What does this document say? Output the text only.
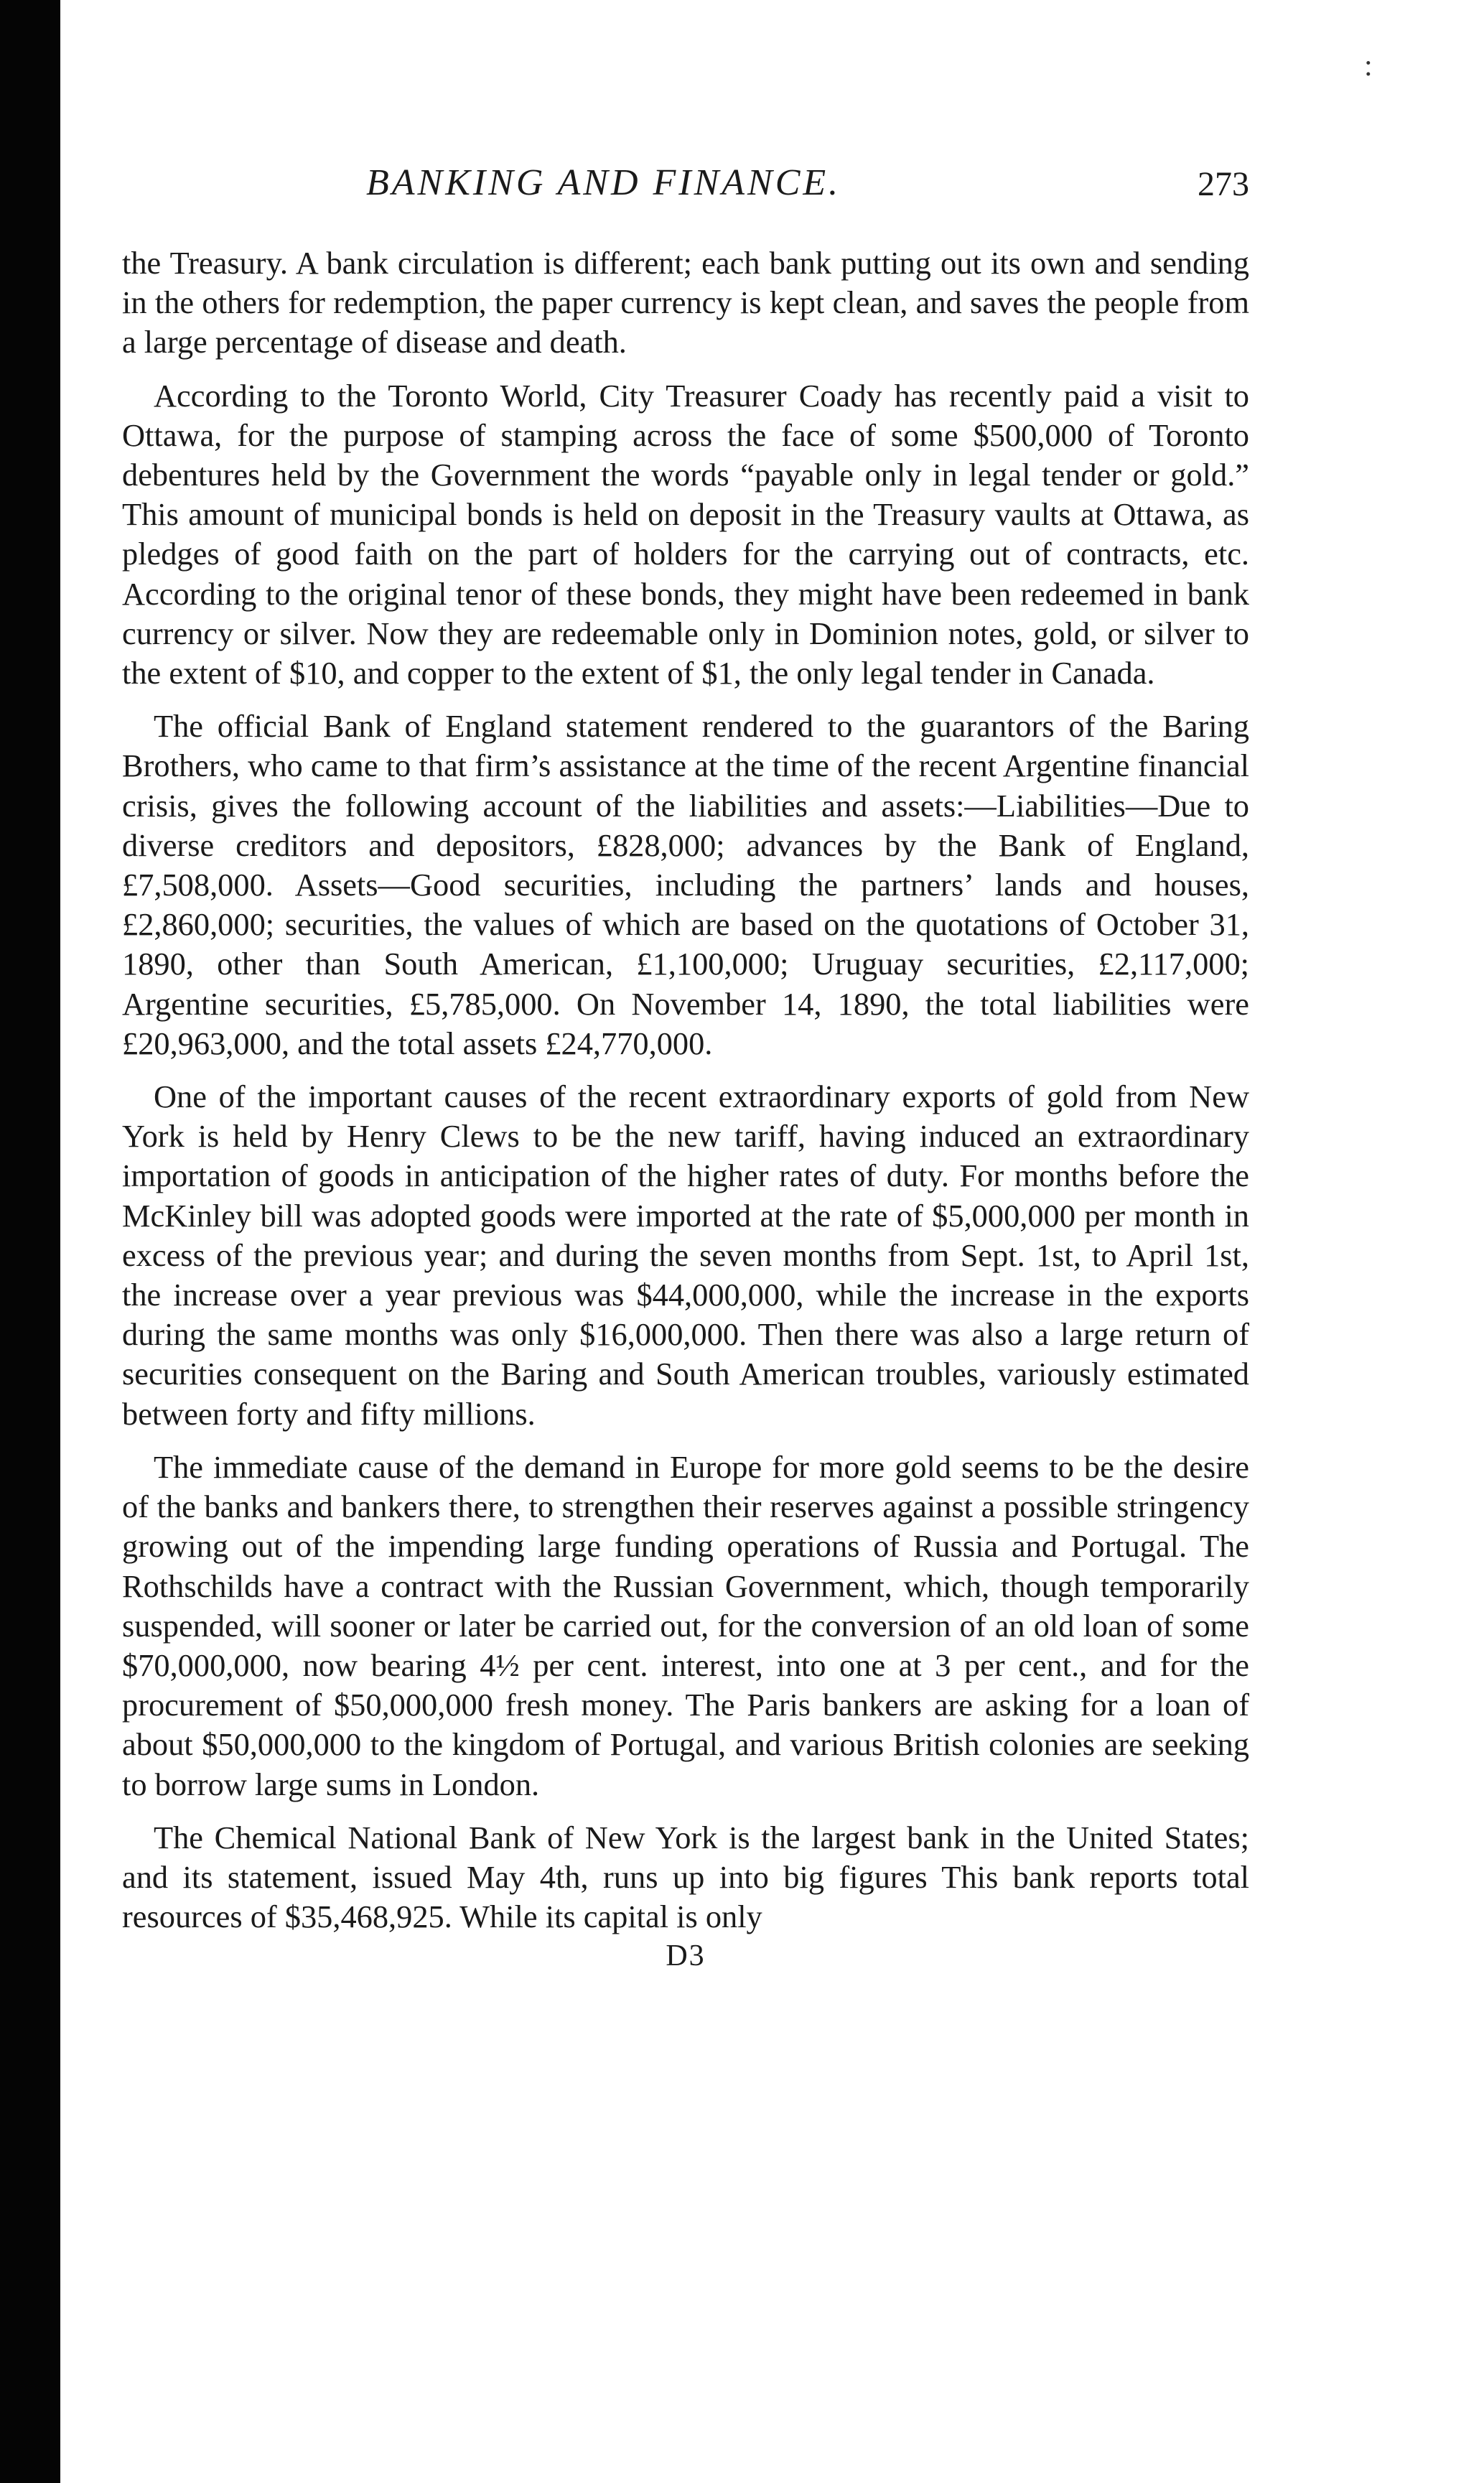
:
BANKING AND FINANCE.	273

the Treasury. A bank circulation is different; each bank putting out its own and sending in the others for redemption, the paper currency is kept clean, and saves the people from a large percentage of disease and death.

According to the Toronto World, City Treasurer Coady has recently paid a visit to Ottawa, for the purpose of stamping across the face of some $500,000 of Toronto debentures held by the Government the words “payable only in legal tender or gold.” This amount of municipal bonds is held on deposit in the Treasury vaults at Ottawa, as pledges of good faith on the part of holders for the carrying out of contracts, etc. According to the original tenor of these bonds, they might have been redeemed in bank currency or silver. Now they are redeemable only in Dominion notes, gold, or silver to the extent of $10, and copper to the extent of $1, the only legal tender in Canada.

The official Bank of England statement rendered to the guarantors of the Baring Brothers, who came to that firm’s assistance at the time of the recent Argentine financial crisis, gives the following account of the liabilities and assets:—Liabilities—Due to diverse creditors and depositors, £828,000; advances by the Bank of England, £7,508,000. Assets—Good securities, including the partners’ lands and houses, £2,860,000; securities, the values of which are based on the quotations of October 31, 1890, other than South American, £1,100,000; Uruguay securities, £2,117,000; Argentine securities, £5,785,000. On November 14, 1890, the total liabilities were £20,963,000, and the total assets £24,770,000.

One of the important causes of the recent extraordinary exports of gold from New York is held by Henry Clews to be the new tariff, having induced an extraordinary importation of goods in anticipation of the higher rates of duty. For months before the McKinley bill was adopted goods were imported at the rate of $5,000,000 per month in excess of the previous year; and during the seven months from Sept. 1st, to April 1st, the increase over a year previous was $44,000,000, while the increase in the exports during the same months was only $16,000,000. Then there was also a large return of securities consequent on the Baring and South American troubles, variously estimated between forty and fifty millions.

The immediate cause of the demand in Europe for more gold seems to be the desire of the banks and bankers there, to strengthen their reserves against a possible stringency growing out of the impending large funding operations of Russia and Portugal. The Rothschilds have a contract with the Russian Government, which, though temporarily suspended, will sooner or later be carried out, for the conversion of an old loan of some $70,000,000, now bearing 4½ per cent. interest, into one at 3 per cent., and for the procurement of $50,000,000 fresh money. The Paris bankers are asking for a loan of about $50,000,000 to the kingdom of Portugal, and various British colonies are seeking to borrow large sums in London.

The Chemical National Bank of New York is the largest bank in the United States; and its statement, issued May 4th, runs up into big figures This bank reports total resources of $35,468,925. While its capital is only

D3
